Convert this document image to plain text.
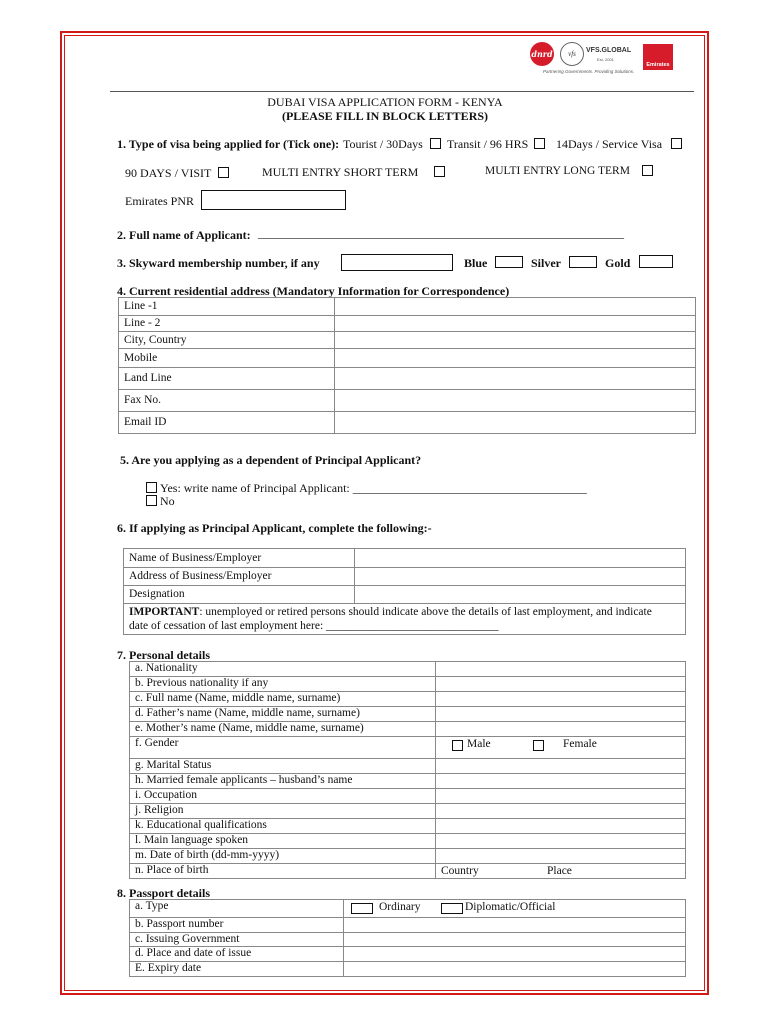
dnrd vfs VFS.GLOBAL
Est. 2001
Partnering Governments. Providing Solutions.
Emirates
DUBAI VISA APPLICATION FORM - KENYA
(PLEASE FILL IN BLOCK LETTERS)
1. Type of visa being applied for (Tick one): Tourist / 30Days Transit / 96 HRS 14Days / Service Visa
90 DAYS / VISIT	MULTI ENTRY SHORT TERM	MULTI ENTRY LONG TERM
Emirates PNR
2. Full name of Applicant: _____________________________________________________________
3. Skyward membership number, if any	Blue	Silver	Gold
4. Current residential address (Mandatory Information for Correspondence)
Line -1	
Line - 2	
City, Country	
Mobile	
Land Line	
Fax No.	
Email ID	
5. Are you applying as a dependent of Principal Applicant?
Yes: write name of Principal Applicant: _______________________________________
No
6. If applying as Principal Applicant, complete the following:-
Name of Business/Employer	
Address of Business/Employer	
Designation	
IMPORTANT: unemployed or retired persons should indicate above the details of last employment, and indicate
date of cessation of last employment here: ______________________________	
7. Personal details
a. Nationality	
b. Previous nationality if any	
c. Full name (Name, middle name, surname)	
d. Father’s name (Name, middle name, surname)	
e. Mother’s name (Name, middle name, surname)	
f. Gender	Male Female

g. Marital Status	
h. Married female applicants – husband’s name	
i. Occupation	
j. Religion	
k. Educational qualifications	
l. Main language spoken	
m. Date of birth (dd-mm-yyyy)	
n. Place of birth	Country Place
8. Passport details
a. Type	Ordinary Diplomatic/Official

b. Passport number	
c. Issuing Government	
d. Place and date of issue	
E. Expiry date	
